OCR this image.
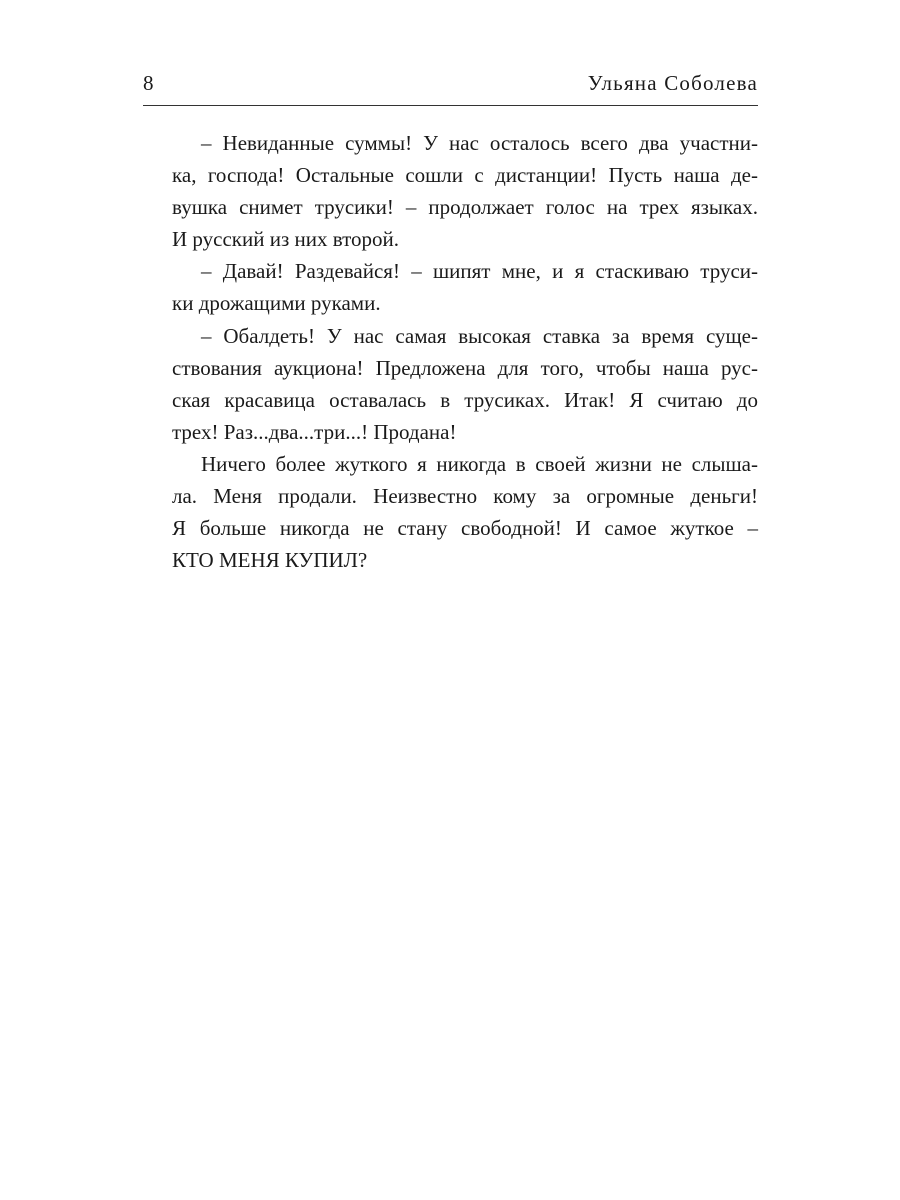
8	Ульяна Соболева
– Невиданные суммы! У нас осталось всего два участни-
ка, господа! Остальные сошли с дистанции! Пусть наша де-
вушка снимет трусики! – продолжает голос на трех языках.
И русский из них второй.
– Давай! Раздевайся! – шипят мне, и я стаскиваю труси-
ки дрожащими руками.
– Обалдеть! У нас самая высокая ставка за время суще-
ствования аукциона! Предложена для того, чтобы наша рус-
ская красавица оставалась в трусиках. Итак! Я считаю до
трех! Раз...два...три...! Продана!
Ничего более жуткого я никогда в своей жизни не слыша-
ла. Меня продали. Неизвестно кому за огромные деньги!
Я больше никогда не стану свободной! И самое жуткое –
КТО МЕНЯ КУПИЛ?
